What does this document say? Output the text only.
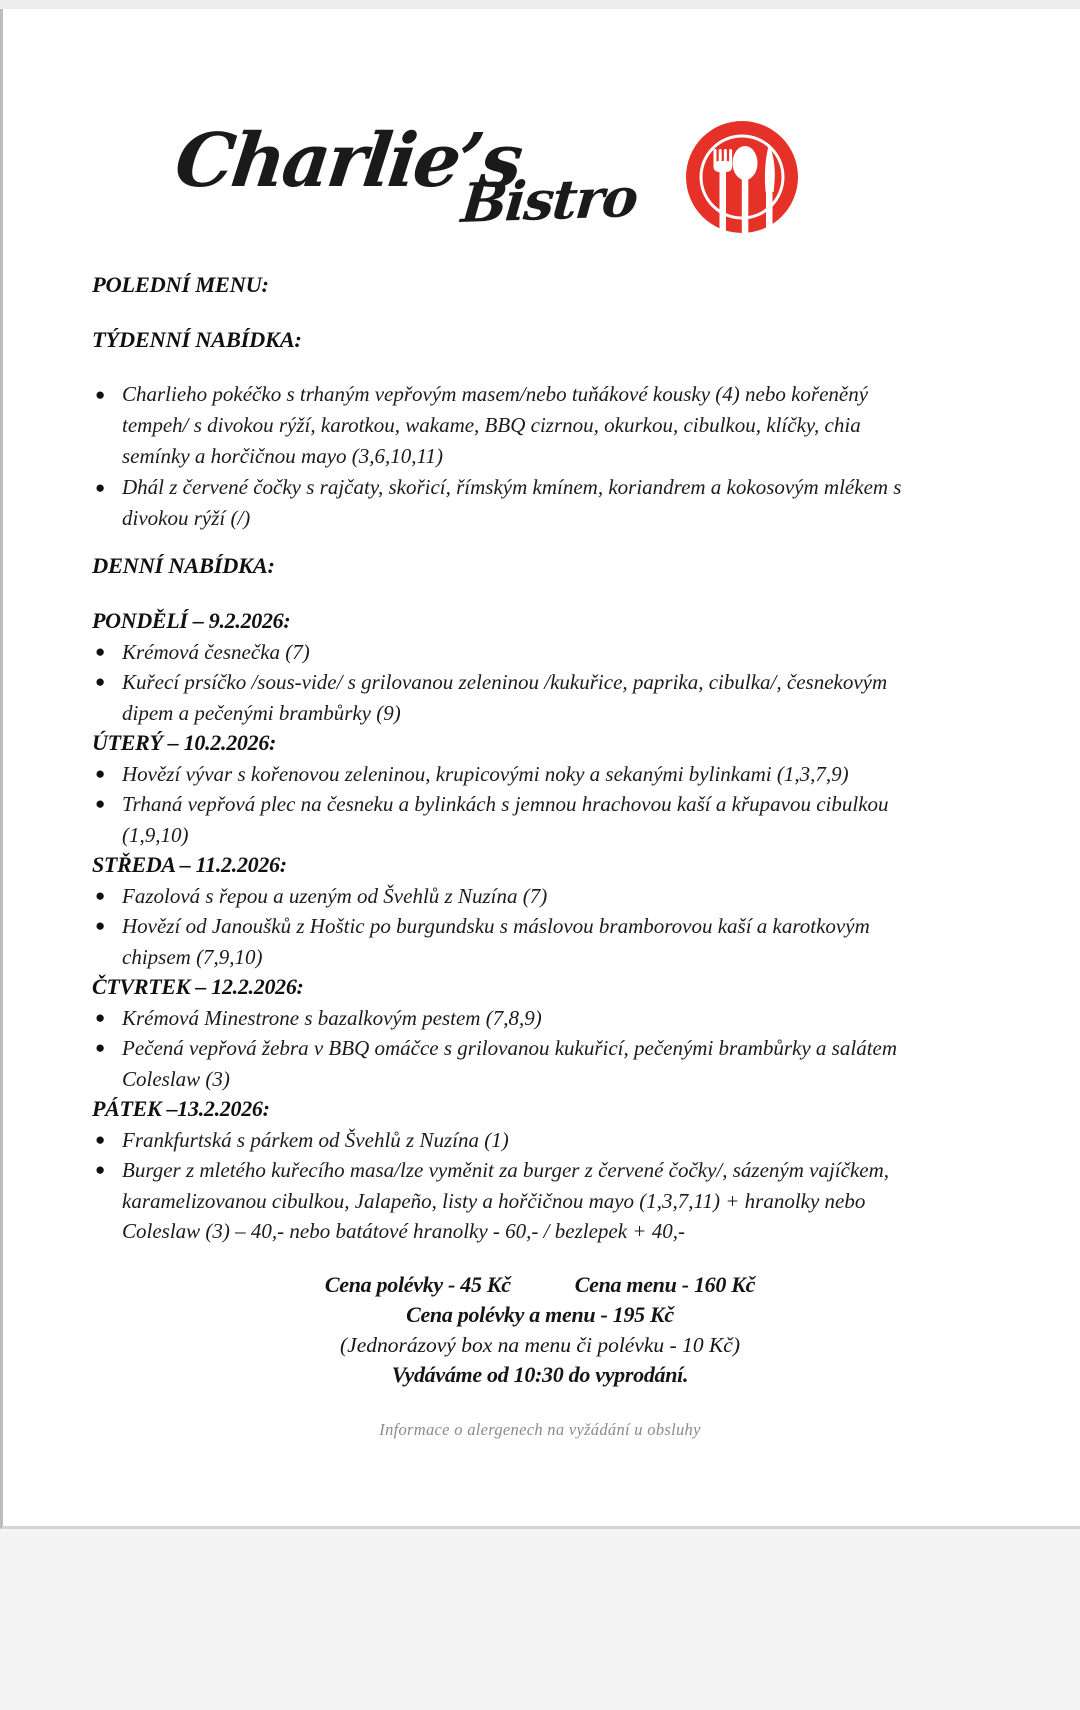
Charlie’s
Bistro
POLEDNÍ MENU:
TÝDENNÍ NABÍDKA:
● Charlieho pokéčko s trhaným vepřovým masem/nebo tuňákové kousky (4) nebo kořeněný tempeh/ s divokou rýží, karotkou, wakame, BBQ cizrnou, okurkou, cibulkou, klíčky, chia semínky a horčičnou mayo (3,6,10,11)
● Dhál z červené čočky s rajčaty, skořicí, římským kmínem, koriandrem a kokosovým mlékem s divokou rýží (/)
DENNÍ NABÍDKA:

PONDĚLÍ – 9.2.2026:

● Krémová česnečka (7)
● Kuřecí prsíčko /sous-vide/ s grilovanou zeleninou /kukuřice, paprika, cibulka/, česnekovým dipem a pečenými brambůrky (9)

ÚTERÝ – 10.2.2026:

● Hovězí vývar s kořenovou zeleninou, krupicovými noky a sekanými bylinkami (1,3,7,9)
● Trhaná vepřová plec na česneku a bylinkách s jemnou hrachovou kaší a křupavou cibulkou (1,9,10)

STŘEDA – 11.2.2026:

● Fazolová s řepou a uzeným od Švehlů z Nuzína (7)
● Hovězí od Janoušků z Hoštic po burgundsku s máslovou bramborovou kaší a karotkovým chipsem (7,9,10)

ČTVRTEK – 12.2.2026:

● Krémová Minestrone s bazalkovým pestem (7,8,9)
● Pečená vepřová žebra v BBQ omáčce s grilovanou kukuřicí, pečenými brambůrky a salátem Coleslaw (3)

PÁTEK –13.2.2026:

● Frankfurtská s párkem od Švehlů z Nuzína (1)
● Burger z mletého kuřecího masa/lze vyměnit za burger z červené čočky/, sázeným vajíčkem, karamelizovanou cibulkou, Jalapeño, listy a hořčičnou mayo (1,3,7,11) + hranolky nebo Coleslaw (3) – 40,- nebo batátové hranolky - 60,- / bezlepek + 40,-
Cena polévky - 45 Kč	Cena menu - 160 Kč
Cena polévky a menu - 195 Kč
(Jednorázový box na menu či polévku - 10 Kč)
Vydáváme od 10:30 do vyprodání.
Informace o alergenech na vyžádání u obsluhy
